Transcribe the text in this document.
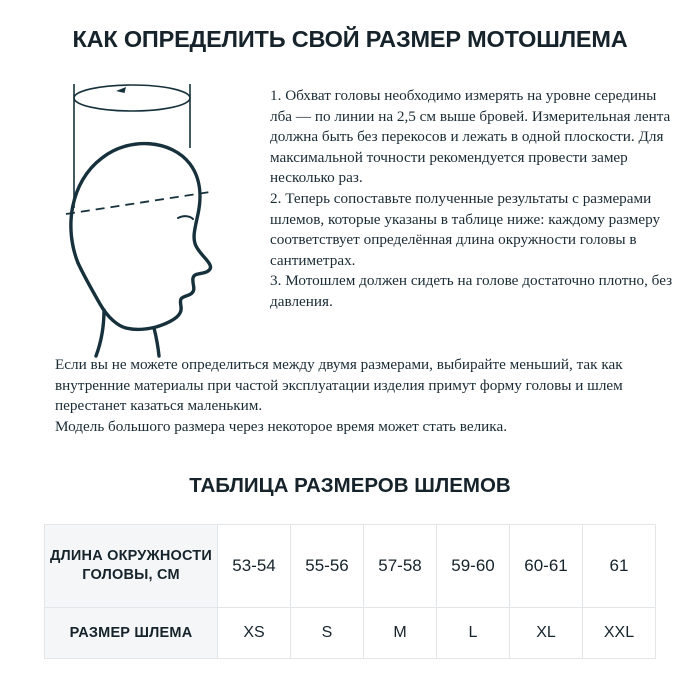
КАК ОПРЕДЕЛИТЬ СВОЙ РАЗМЕР МОТОШЛЕМА

1. Обхват головы необходимо измерять на уровне середины лба — по линии на 2,5 см выше бровей. Измерительная лента должна быть без перекосов и лежать в одной плоскости. Для максимальной точности рекомендуется провести замер несколько раз.

2. Теперь сопоставьте полученные результаты с размерами шлемов, которые указаны в таблице ниже: каждому размеру соответствует определённая длина окружности головы в сантиметрах.

3. Мотошлем должен сидеть на голове достаточно плотно, без давления.

Если вы не можете определиться между двумя размерами, выбирайте меньший, так как внутренние материалы при частой эксплуатации изделия примут форму головы и шлем перестанет казаться маленьким.

Модель большого размера через некоторое время может стать велика.

ТАБЛИЦА РАЗМЕРОВ ШЛЕМОВ
ДЛИНА ОКРУЖНОСТИ ГОЛОВЫ, СМ	53-54	55-56	57-58	59-60	60-61	61
РАЗМЕР ШЛЕМА	XS	S	M	L	XL	XXL
